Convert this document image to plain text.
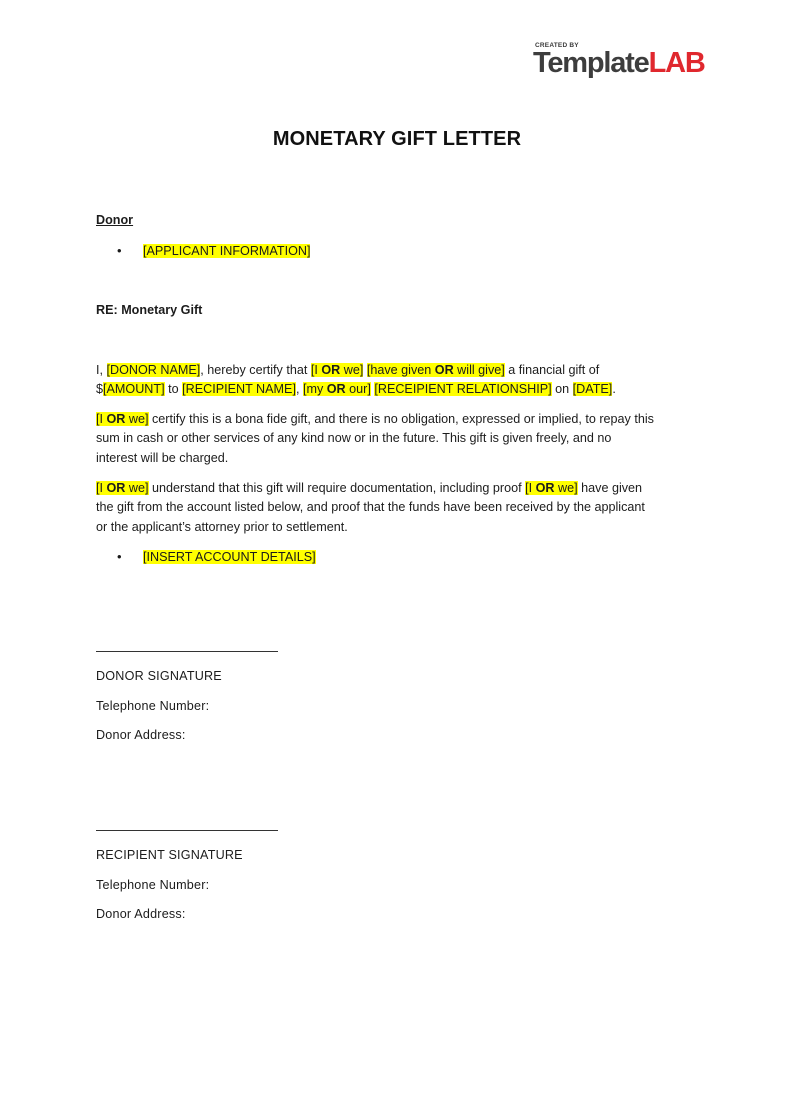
CREATED BY
TemplateLAB
MONETARY GIFT LETTER
Donor
• [APPLICANT INFORMATION]
RE: Monetary Gift
I, [DONOR NAME], hereby certify that [I OR we] [have given OR will give] a financial gift of
$[AMOUNT] to [RECIPIENT NAME], [my OR our] [RECEIPIENT RELATIONSHIP] on [DATE].
[I OR we] certify this is a bona fide gift, and there is no obligation, expressed or implied, to repay this
sum in cash or other services of any kind now or in the future. This gift is given freely, and no
interest will be charged.
[I OR we] understand that this gift will require documentation, including proof [I OR we] have given
the gift from the account listed below, and proof that the funds have been received by the applicant
or the applicant’s attorney prior to settlement.
• [INSERT ACCOUNT DETAILS]
DONOR SIGNATURE
Telephone Number:
Donor Address:
RECIPIENT SIGNATURE
Telephone Number:
Donor Address:
